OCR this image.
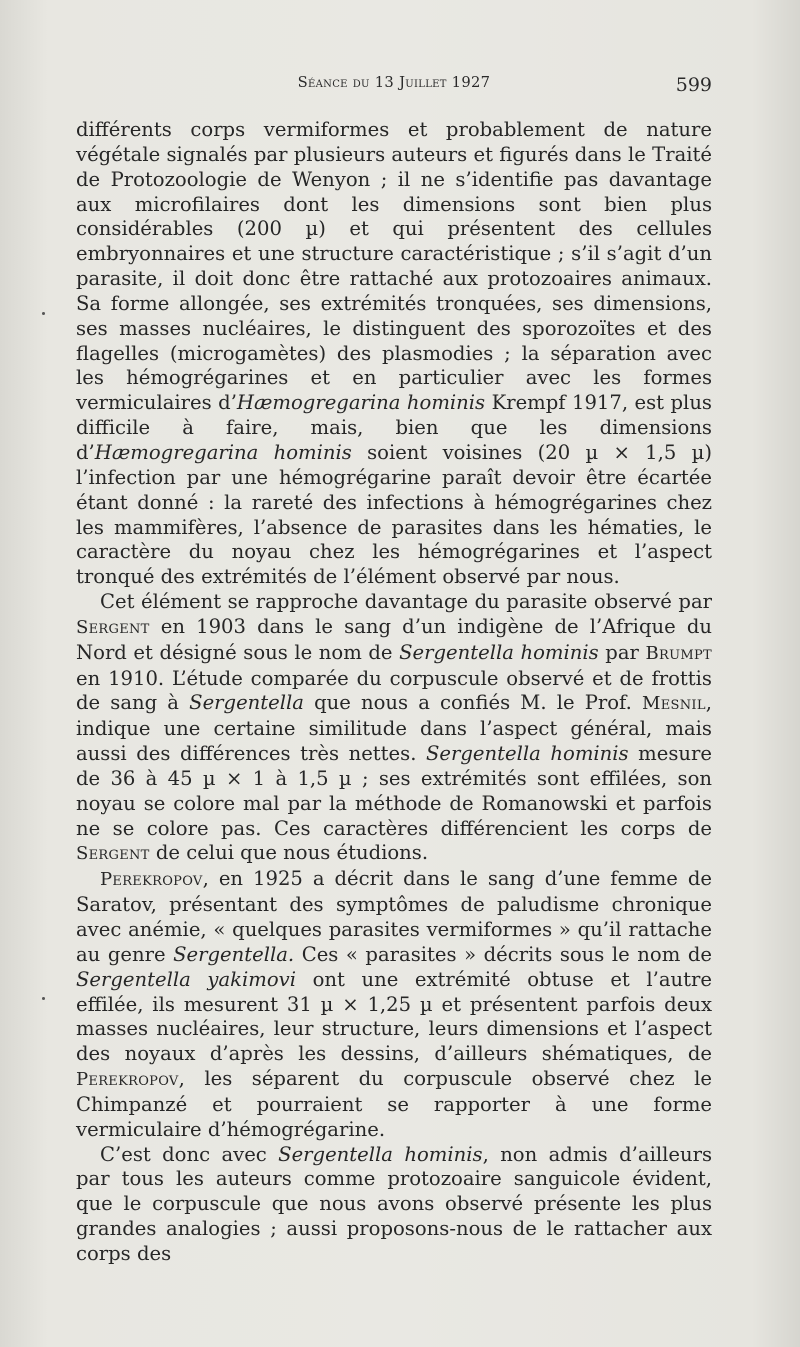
Séance du 13 Juillet 1927	599

différents corps vermiformes et probablement de nature végétale signalés par plusieurs auteurs et figurés dans le Traité de Protozoologie de Wenyon ; il ne s’identifie pas davantage aux microfilaires dont les dimensions sont bien plus considérables (200 µ) et qui présentent des cellules embryonnaires et une structure caractéristique ; s’il s’agit d’un parasite, il doit donc être rattaché aux protozoaires animaux. Sa forme allongée, ses extrémités tronquées, ses dimensions, ses masses nucléaires, le distinguent des sporozoïtes et des flagelles (microgamètes) des plasmodies ; la séparation avec les hémogrégarines et en particulier avec les formes vermiculaires d’Hæmogregarina hominis Krempf 1917, est plus difficile à faire, mais, bien que les dimensions d’Hæmogregarina hominis soient voisines (20 µ × 1,5 µ) l’infection par une hémogrégarine paraît devoir être écartée étant donné : la rareté des infections à hémogrégarines chez les mammifères, l’absence de parasites dans les hématies, le caractère du noyau chez les hémogrégarines et l’aspect tronqué des extrémités de l’élément observé par nous.

Cet élément se rapproche davantage du parasite observé par Sergent en 1903 dans le sang d’un indigène de l’Afrique du Nord et désigné sous le nom de Sergentella hominis par Brumpt en 1910. L’étude comparée du corpuscule observé et de frottis de sang à Sergentella que nous a confiés M. le Prof. Mesnil, indique une certaine similitude dans l’aspect général, mais aussi des différences très nettes. Sergentella hominis mesure de 36 à 45 µ × 1 à 1,5 µ ; ses extrémités sont effilées, son noyau se colore mal par la méthode de Romanowski et parfois ne se colore pas. Ces caractères différencient les corps de Sergent de celui que nous étudions.

Perekropov, en 1925 a décrit dans le sang d’une femme de Saratov, présentant des symptômes de paludisme chronique avec anémie, « quelques parasites vermiformes » qu’il rattache au genre Sergentella. Ces « parasites » décrits sous le nom de Sergentella yakimovi ont une extrémité obtuse et l’autre effilée, ils mesurent 31 µ × 1,25 µ et présentent parfois deux masses nucléaires, leur structure, leurs dimensions et l’aspect des noyaux d’après les dessins, d’ailleurs shématiques, de Perekropov, les séparent du corpuscule observé chez le Chimpanzé et pourraient se rapporter à une forme vermiculaire d’hémogrégarine.

C’est donc avec Sergentella hominis, non admis d’ailleurs par tous les auteurs comme protozoaire sanguicole évident, que le corpuscule que nous avons observé présente les plus grandes analogies ; aussi proposons-nous de le rattacher aux corps des
